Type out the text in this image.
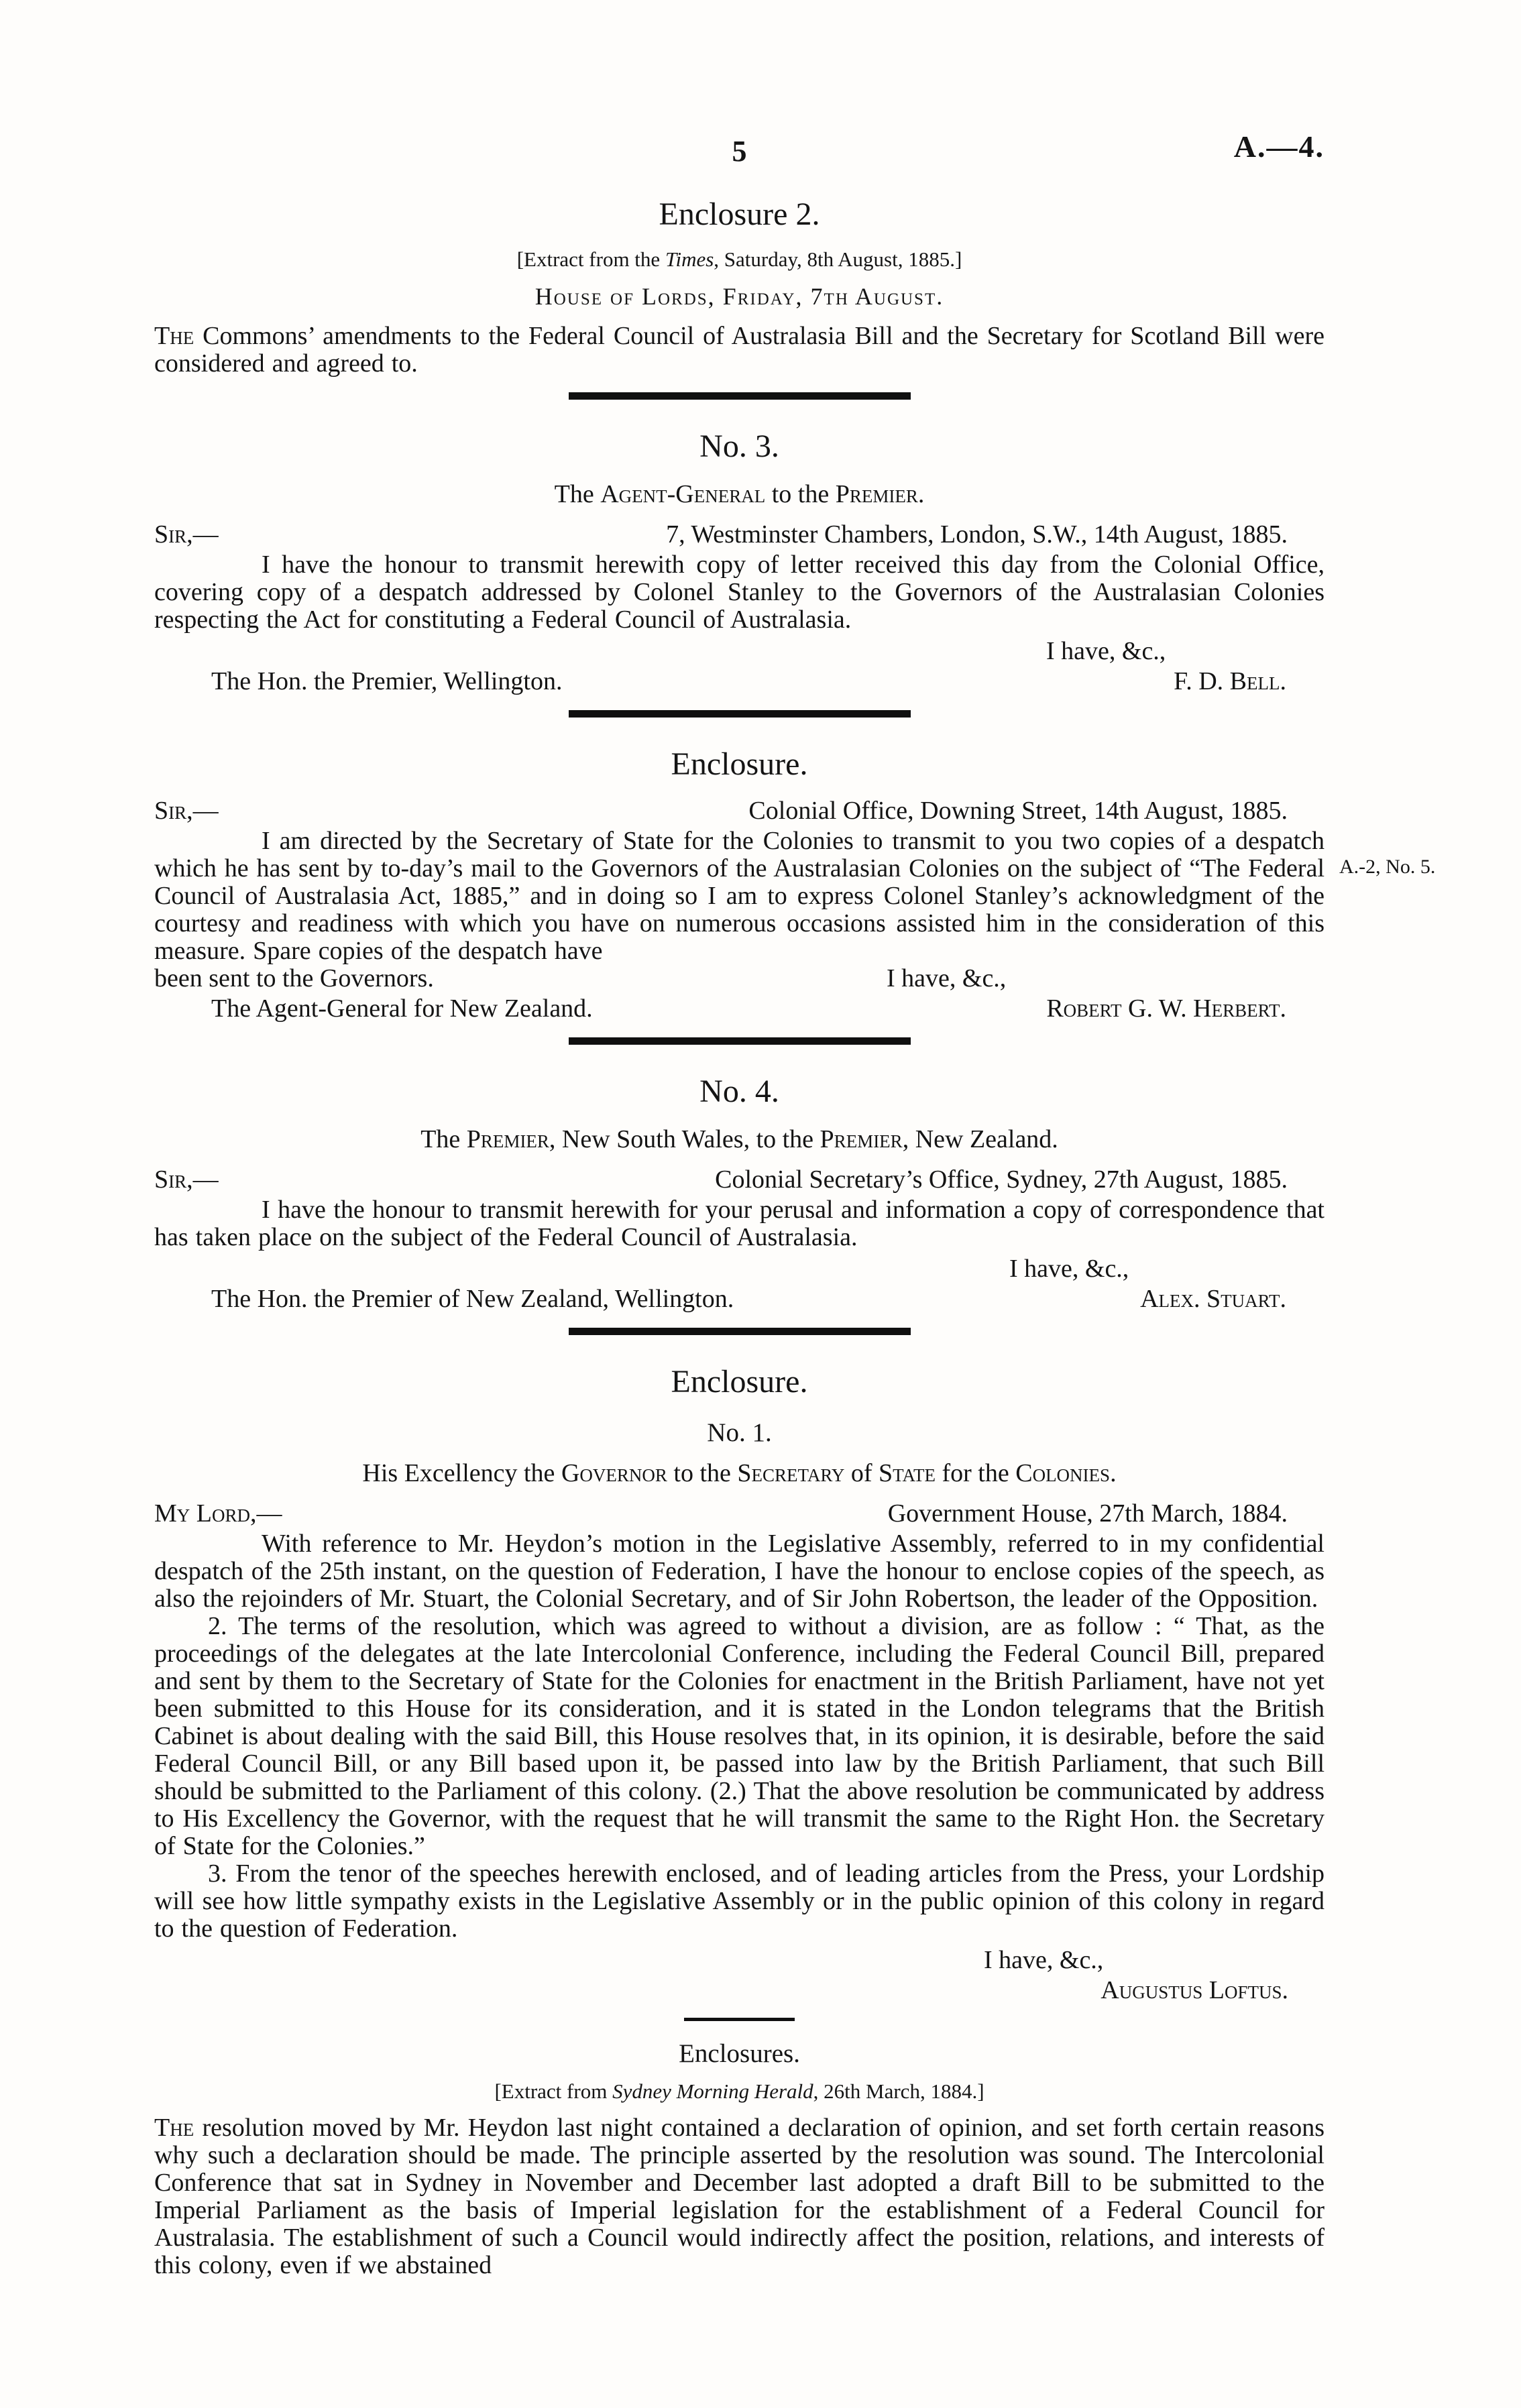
5	A.—4.
Enclosure 2.

[Extract from the Times, Saturday, 8th August, 1885.]

House of Lords, Friday, 7th August.

The Commons’ amendments to the Federal Council of Australasia Bill and the Secretary for Scotland Bill were considered and agreed to.

No. 3.

The Agent-General to the Premier.

Sir,—	7, Westminster Chambers, London, S.W., 14th August, 1885.

I have the honour to transmit herewith copy of letter received this day from the Colonial Office, covering copy of a despatch addressed by Colonel Stanley to the Governors of the Australasian Colonies respecting the Act for constituting a Federal Council of Australasia.

I have, &c.,

The Hon. the Premier, Wellington.	F. D. Bell.
Enclosure.
Sir,—	Colonial Office, Downing Street, 14th August, 1885.

I am directed by the Secretary of State for the Colonies to transmit to you two copies of a despatch which he has sent by to-day’s mail to the Governors of the Australasian Colonies on the subject of “The Federal Council of Australasia Act, 1885,” and in doing so I am to express Colonel Stanley’s acknowledgment of the courtesy and readiness with which you have on numerous occasions assisted him in the consideration of this measure. Spare copies of the despatch have

A.-2, No. 5.
been sent to the Governors.	I have, &c.,
The Agent-General for New Zealand.	Robert G. W. Herbert.
No. 4.

The Premier, New South Wales, to the Premier, New Zealand.

Sir,—	Colonial Secretary’s Office, Sydney, 27th August, 1885.

I have the honour to transmit herewith for your perusal and information a copy of correspondence that has taken place on the subject of the Federal Council of Australasia.

I have, &c.,

The Hon. the Premier of New Zealand, Wellington.	Alex. Stuart.
Enclosure.
No. 1.

His Excellency the Governor to the Secretary of State for the Colonies.

My Lord,—	Government House, 27th March, 1884.

With reference to Mr. Heydon’s motion in the Legislative Assembly, referred to in my confidential despatch of the 25th instant, on the question of Federation, I have the honour to enclose copies of the speech, as also the rejoinders of Mr. Stuart, the Colonial Secretary, and of Sir John Robertson, the leader of the Opposition.

2. The terms of the resolution, which was agreed to without a division, are as follow : “ That, as the proceedings of the delegates at the late Intercolonial Conference, including the Federal Council Bill, prepared and sent by them to the Secretary of State for the Colonies for enactment in the British Parliament, have not yet been submitted to this House for its consideration, and it is stated in the London telegrams that the British Cabinet is about dealing with the said Bill, this House resolves that, in its opinion, it is desirable, before the said Federal Council Bill, or any Bill based upon it, be passed into law by the British Parliament, that such Bill should be submitted to the Parliament of this colony. (2.) That the above resolution be communicated by address to His Excellency the Governor, with the request that he will transmit the same to the Right Hon. the Secretary of State for the Colonies.”

3. From the tenor of the speeches herewith enclosed, and of leading articles from the Press, your Lordship will see how little sympathy exists in the Legislative Assembly or in the public opinion of this colony in regard to the question of Federation.

I have, &c.,

Augustus Loftus.

Enclosures.

[Extract from Sydney Morning Herald, 26th March, 1884.]

The resolution moved by Mr. Heydon last night contained a declaration of opinion, and set forth certain reasons why such a declaration should be made. The principle asserted by the resolution was sound. The Intercolonial Conference that sat in Sydney in November and December last adopted a draft Bill to be submitted to the Imperial Parliament as the basis of Imperial legislation for the establishment of a Federal Council for Australasia. The establishment of such a Council would indirectly affect the position, relations, and interests of this colony, even if we abstained
